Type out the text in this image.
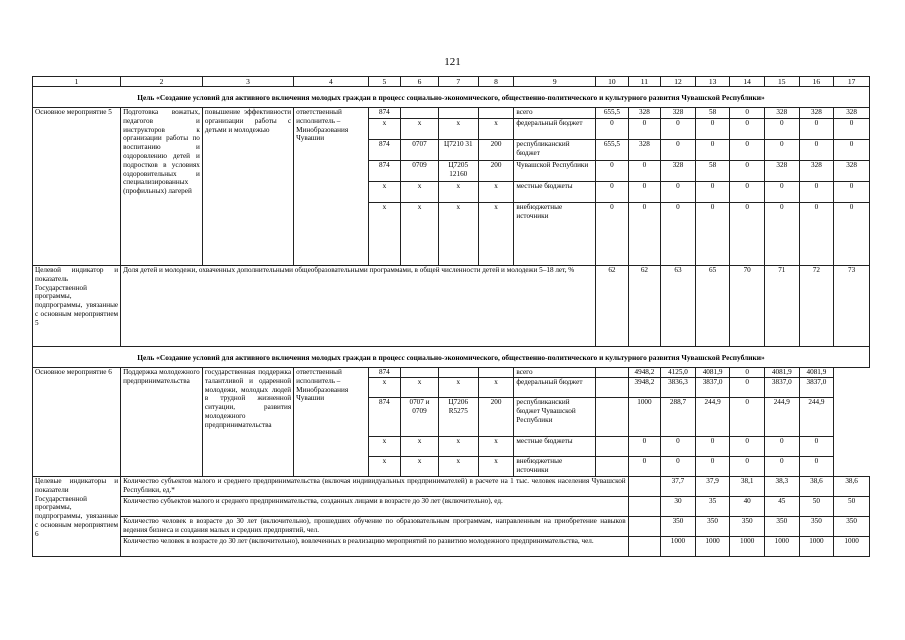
121
1	2	3	4	5	6	7	8	9	10	11	12	13	14	15	16	17
Цель «Создание условий для активного включения молодых граждан в процесс социально-экономического, общественно-политического и культурного развития Чувашской Республики»																
Основное мероприятие 5	Подготовка вожатых, педагогов и инструкторов к организации работы по воспитанию и оздоровлению детей и подростков в условиях оздоровительных и специализированных (профильных) лагерей	повышение эффективности организации работы с детьми и молодежью	ответственный исполнитель – Минобразования Чувашии	874				всего	655,5	328	328	58	0	328	328	328
				x	x	x	x	федеральный бюджет	0	0	0	0	0	0	0	0
				874	0707	Ц7210 31	200	республиканский бюджет	655,5	328	0	0	0	0	0	0
				874	0709	Ц7205 12160	200	Чувашской Республики	0	0	328	58	0	328	328	328
				x	x	x	x	местные бюджеты	0	0	0	0	0	0	0	0
				x	x	x	x	внебюджетные источники	0	0	0	0	0	0	0	0
Целевой индикатор и показатель Государственной программы, подпрограммы, увязанные с основным мероприятием 5	Доля детей и молодежи, охваченных дополнительными общеобразовательными программами, в общей численности детей и молодежи 5–18 лет, %								62	62	63	65	70	71	72	73
Цель «Создание условий для активного включения молодых граждан в процесс социально-экономического, общественно-политического и культурного развития Чувашской Республики»																
Основное мероприятие 6	Поддержка молодежного предпринимательства	государственная поддержка талантливой и одаренной молодежи, молодых людей в трудной жизненной ситуации, развития молодежного предпринимательства	ответственный исполнитель – Минобразования Чувашии	874				всего		4948,2	4125,0	4081,9	0	4081,9	4081,9	
				x	x	x	x	федеральный бюджет		3948,2	3836,3	3837,0	0	3837,0	3837,0	
				874	0707 и 0709	Ц7206 R5275	200	республиканский бюджет Чувашской Республики		1000	288,7	244,9	0	244,9	244,9	
				x	x	x	x	местные бюджеты		0	0	0	0	0	0	
				x	x	x	x	внебюджетные источники		0	0	0	0	0	0	
Целевые индикаторы и показатели Государственной программы, подпрограммы, увязанные с основным мероприятием 6	Количество субъектов малого и среднего предпринимательства (включая индивидуальных предпринимателей) в расчете на 1 тыс. человек населения Чувашской Республики, ед.*										37,7	37,9	38,1	38,3	38,6	38,6
	Количество субъектов малого и среднего предпринимательства, созданных лицами в возрасте до 30 лет (включительно), ед.										30	35	40	45	50	50
	Количество человек в возрасте до 30 лет (включительно), прошедших обучение по образовательным программам, направленным на приобретение навыков ведения бизнеса и создания малых и средних предприятий, чел.										350	350	350	350	350	350
	Количество человек в возрасте до 30 лет (включительно), вовлеченных в реализацию мероприятий по развитию молодежного предпринимательства, чел.										1000	1000	1000	1000	1000	1000
